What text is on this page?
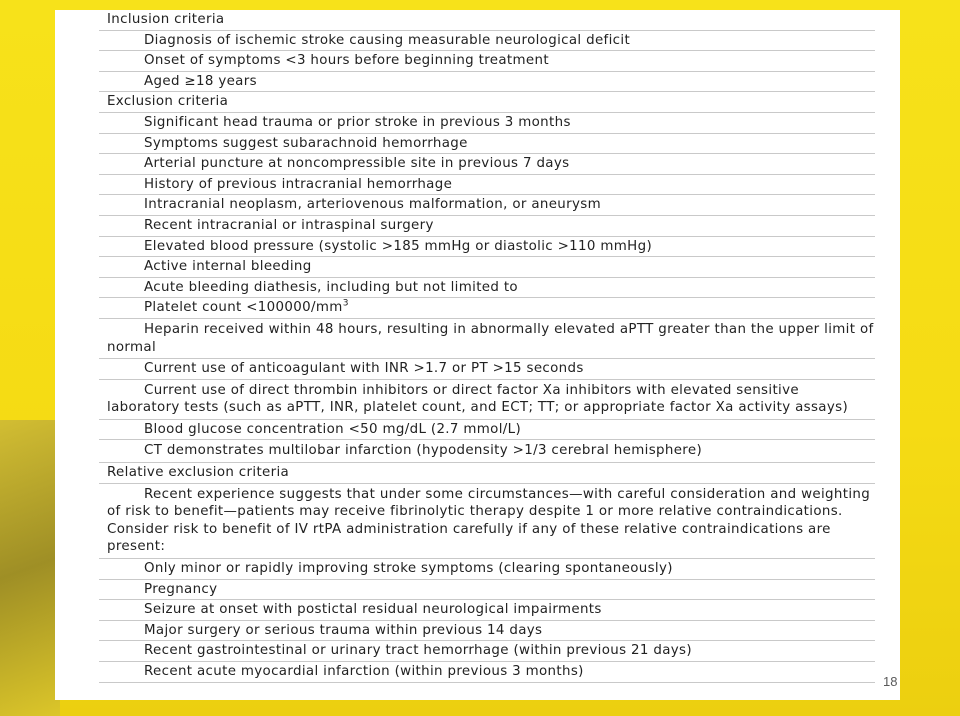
Inclusion criteria
Diagnosis of ischemic stroke causing measurable neurological deficit
Onset of symptoms <3 hours before beginning treatment
Aged ≥18 years
Exclusion criteria
Significant head trauma or prior stroke in previous 3 months
Symptoms suggest subarachnoid hemorrhage
Arterial puncture at noncompressible site in previous 7 days
History of previous intracranial hemorrhage
Intracranial neoplasm, arteriovenous malformation, or aneurysm
Recent intracranial or intraspinal surgery
Elevated blood pressure (systolic >185 mmHg or diastolic >110 mmHg)
Active internal bleeding
Acute bleeding diathesis, including but not limited to
Platelet count $<100000/mm^3$
Heparin received within 48 hours, resulting in abnormally elevated aPTT greater than the upper limit of normal
Current use of anticoagulant with INR >1.7 or PT >15 seconds
Current use of direct thrombin inhibitors or direct factor Xa inhibitors with elevated sensitive laboratory tests (such as aPTT, INR, platelet count, and ECT; TT; or appropriate factor Xa activity assays)
Blood glucose concentration <50 mg/dL (2.7 mmol/L)
CT demonstrates multilobar infarction (hypodensity >1/3 cerebral hemisphere)
Relative exclusion criteria
Recent experience suggests that under some circumstances—with careful consideration and weighting of risk to benefit—patients may receive fibrinolytic therapy despite 1 or more relative contraindications. Consider risk to benefit of IV rtPA administration carefully if any of these relative contraindications are present:
Only minor or rapidly improving stroke symptoms (clearing spontaneously)
Pregnancy
Seizure at onset with postictal residual neurological impairments
Major surgery or serious trauma within previous 14 days
Recent gastrointestinal or urinary tract hemorrhage (within previous 21 days)
Recent acute myocardial infarction (within previous 3 months)
18
